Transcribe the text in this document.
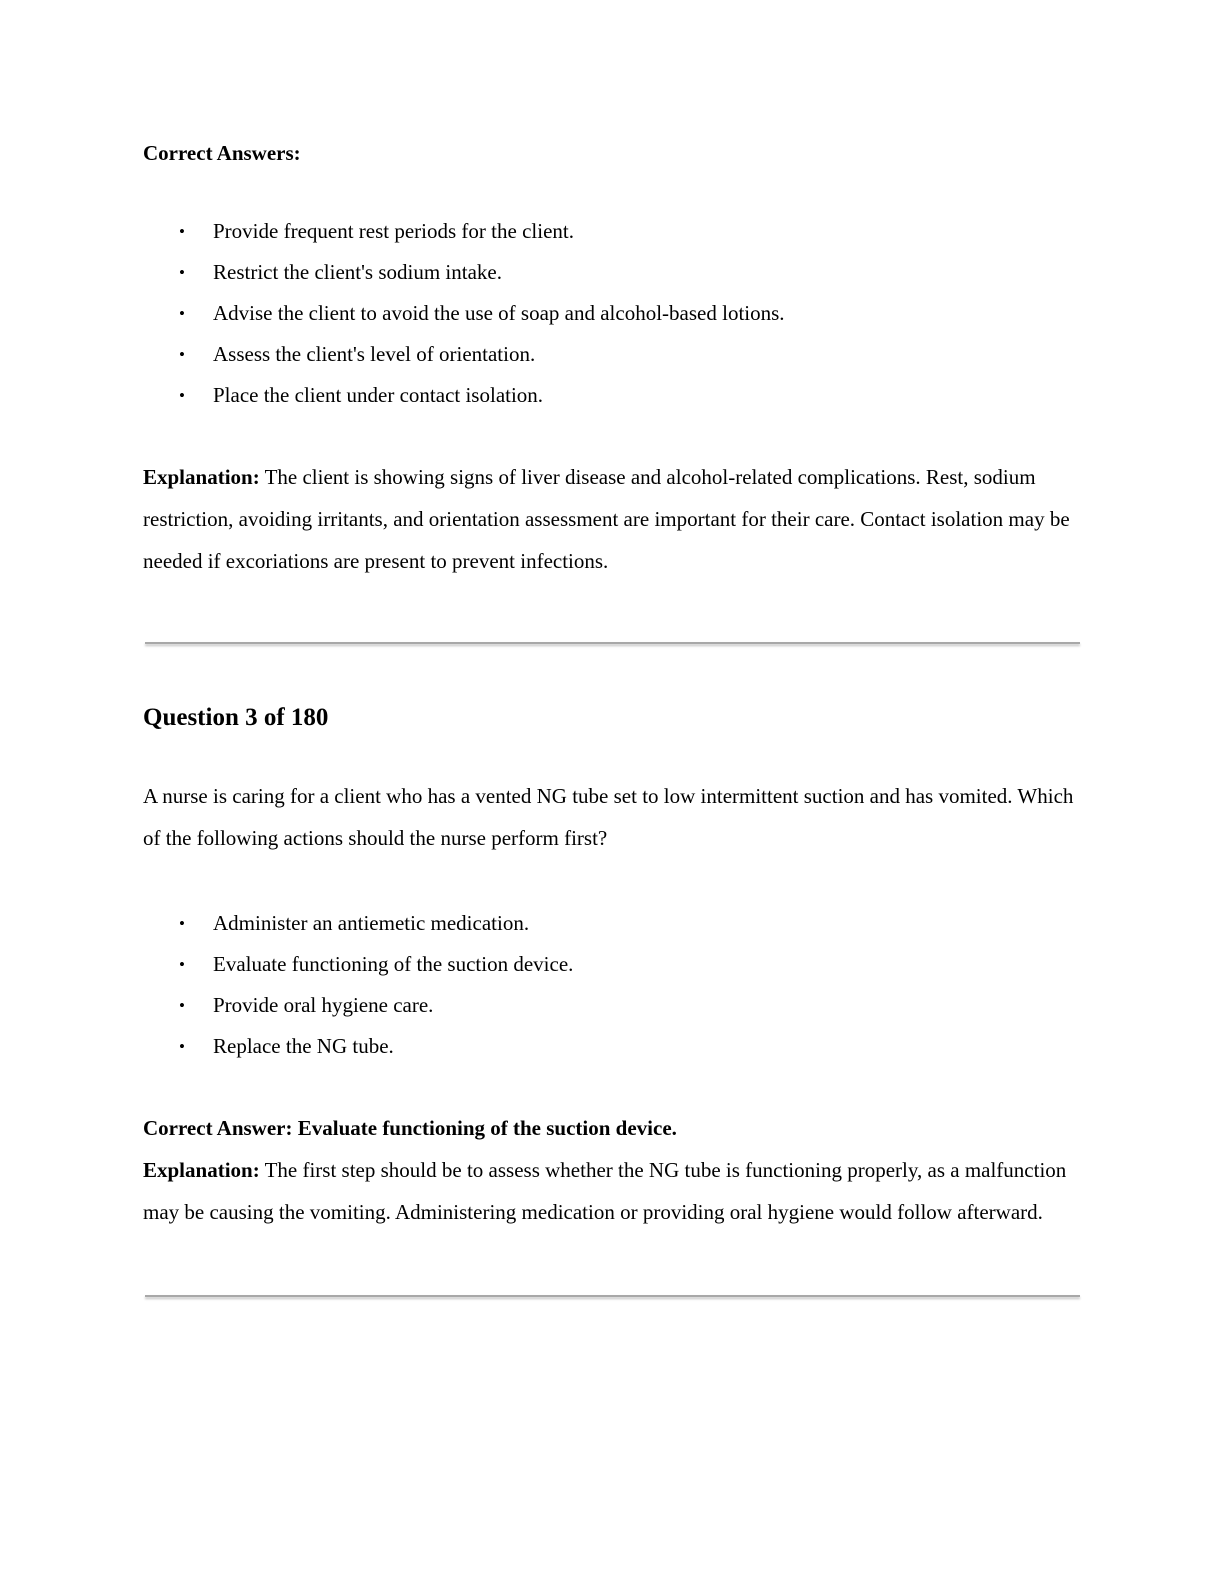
Correct Answers:

• Provide frequent rest periods for the client.
• Restrict the client's sodium intake.
• Advise the client to avoid the use of soap and alcohol-based lotions.
• Assess the client's level of orientation.
• Place the client under contact isolation.

Explanation: The client is showing signs of liver disease and alcohol-related complications. Rest, sodium restriction, avoiding irritants, and orientation assessment are important for their care. Contact isolation may be needed if excoriations are present to prevent infections.

Question 3 of 180

A nurse is caring for a client who has a vented NG tube set to low intermittent suction and has vomited. Which of the following actions should the nurse perform first?

• Administer an antiemetic medication.
• Evaluate functioning of the suction device.
• Provide oral hygiene care.
• Replace the NG tube.

Correct Answer: Evaluate functioning of the suction device.

Explanation: The first step should be to assess whether the NG tube is functioning properly, as a malfunction may be causing the vomiting. Administering medication or providing oral hygiene would follow afterward.
